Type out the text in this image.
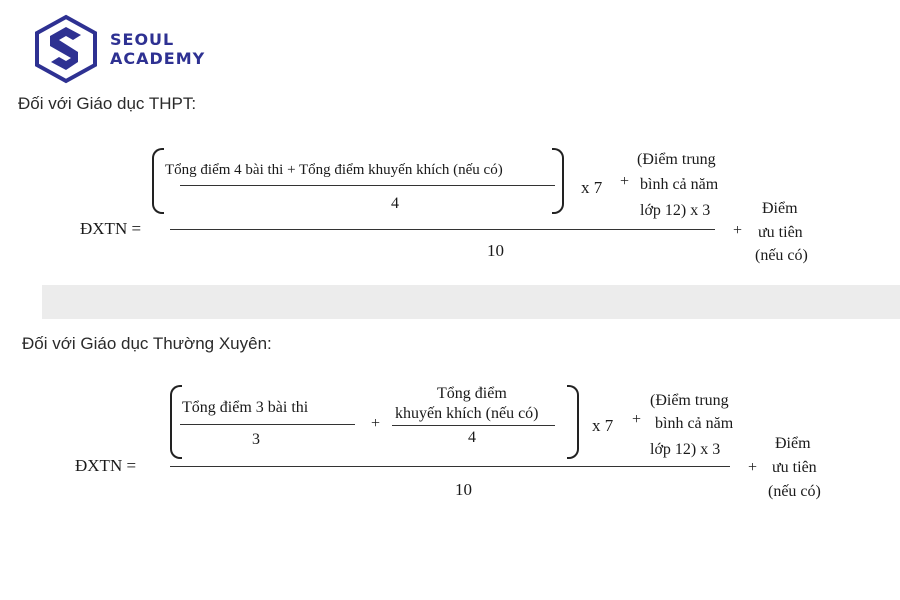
SEOUL
ACADEMY
Đối với Giáo dục THPT:
Tổng điểm 4 bài thi + Tổng điểm khuyến khích (nếu có)
4
x 7 +
(Điểm trung
bình cả năm
lớp 12) x 3
ĐXTN =
10
+
Điểm
ưu tiên
(nếu có)
Đối với Giáo dục Thường Xuyên:
Tổng điểm 3 bài thi
3
+
Tổng điểm
khuyến khích (nếu có)
4
x 7 +
(Điểm trung
bình cả năm
lớp 12) x 3
ĐXTN =
10
+
Điểm
ưu tiên
(nếu có)
